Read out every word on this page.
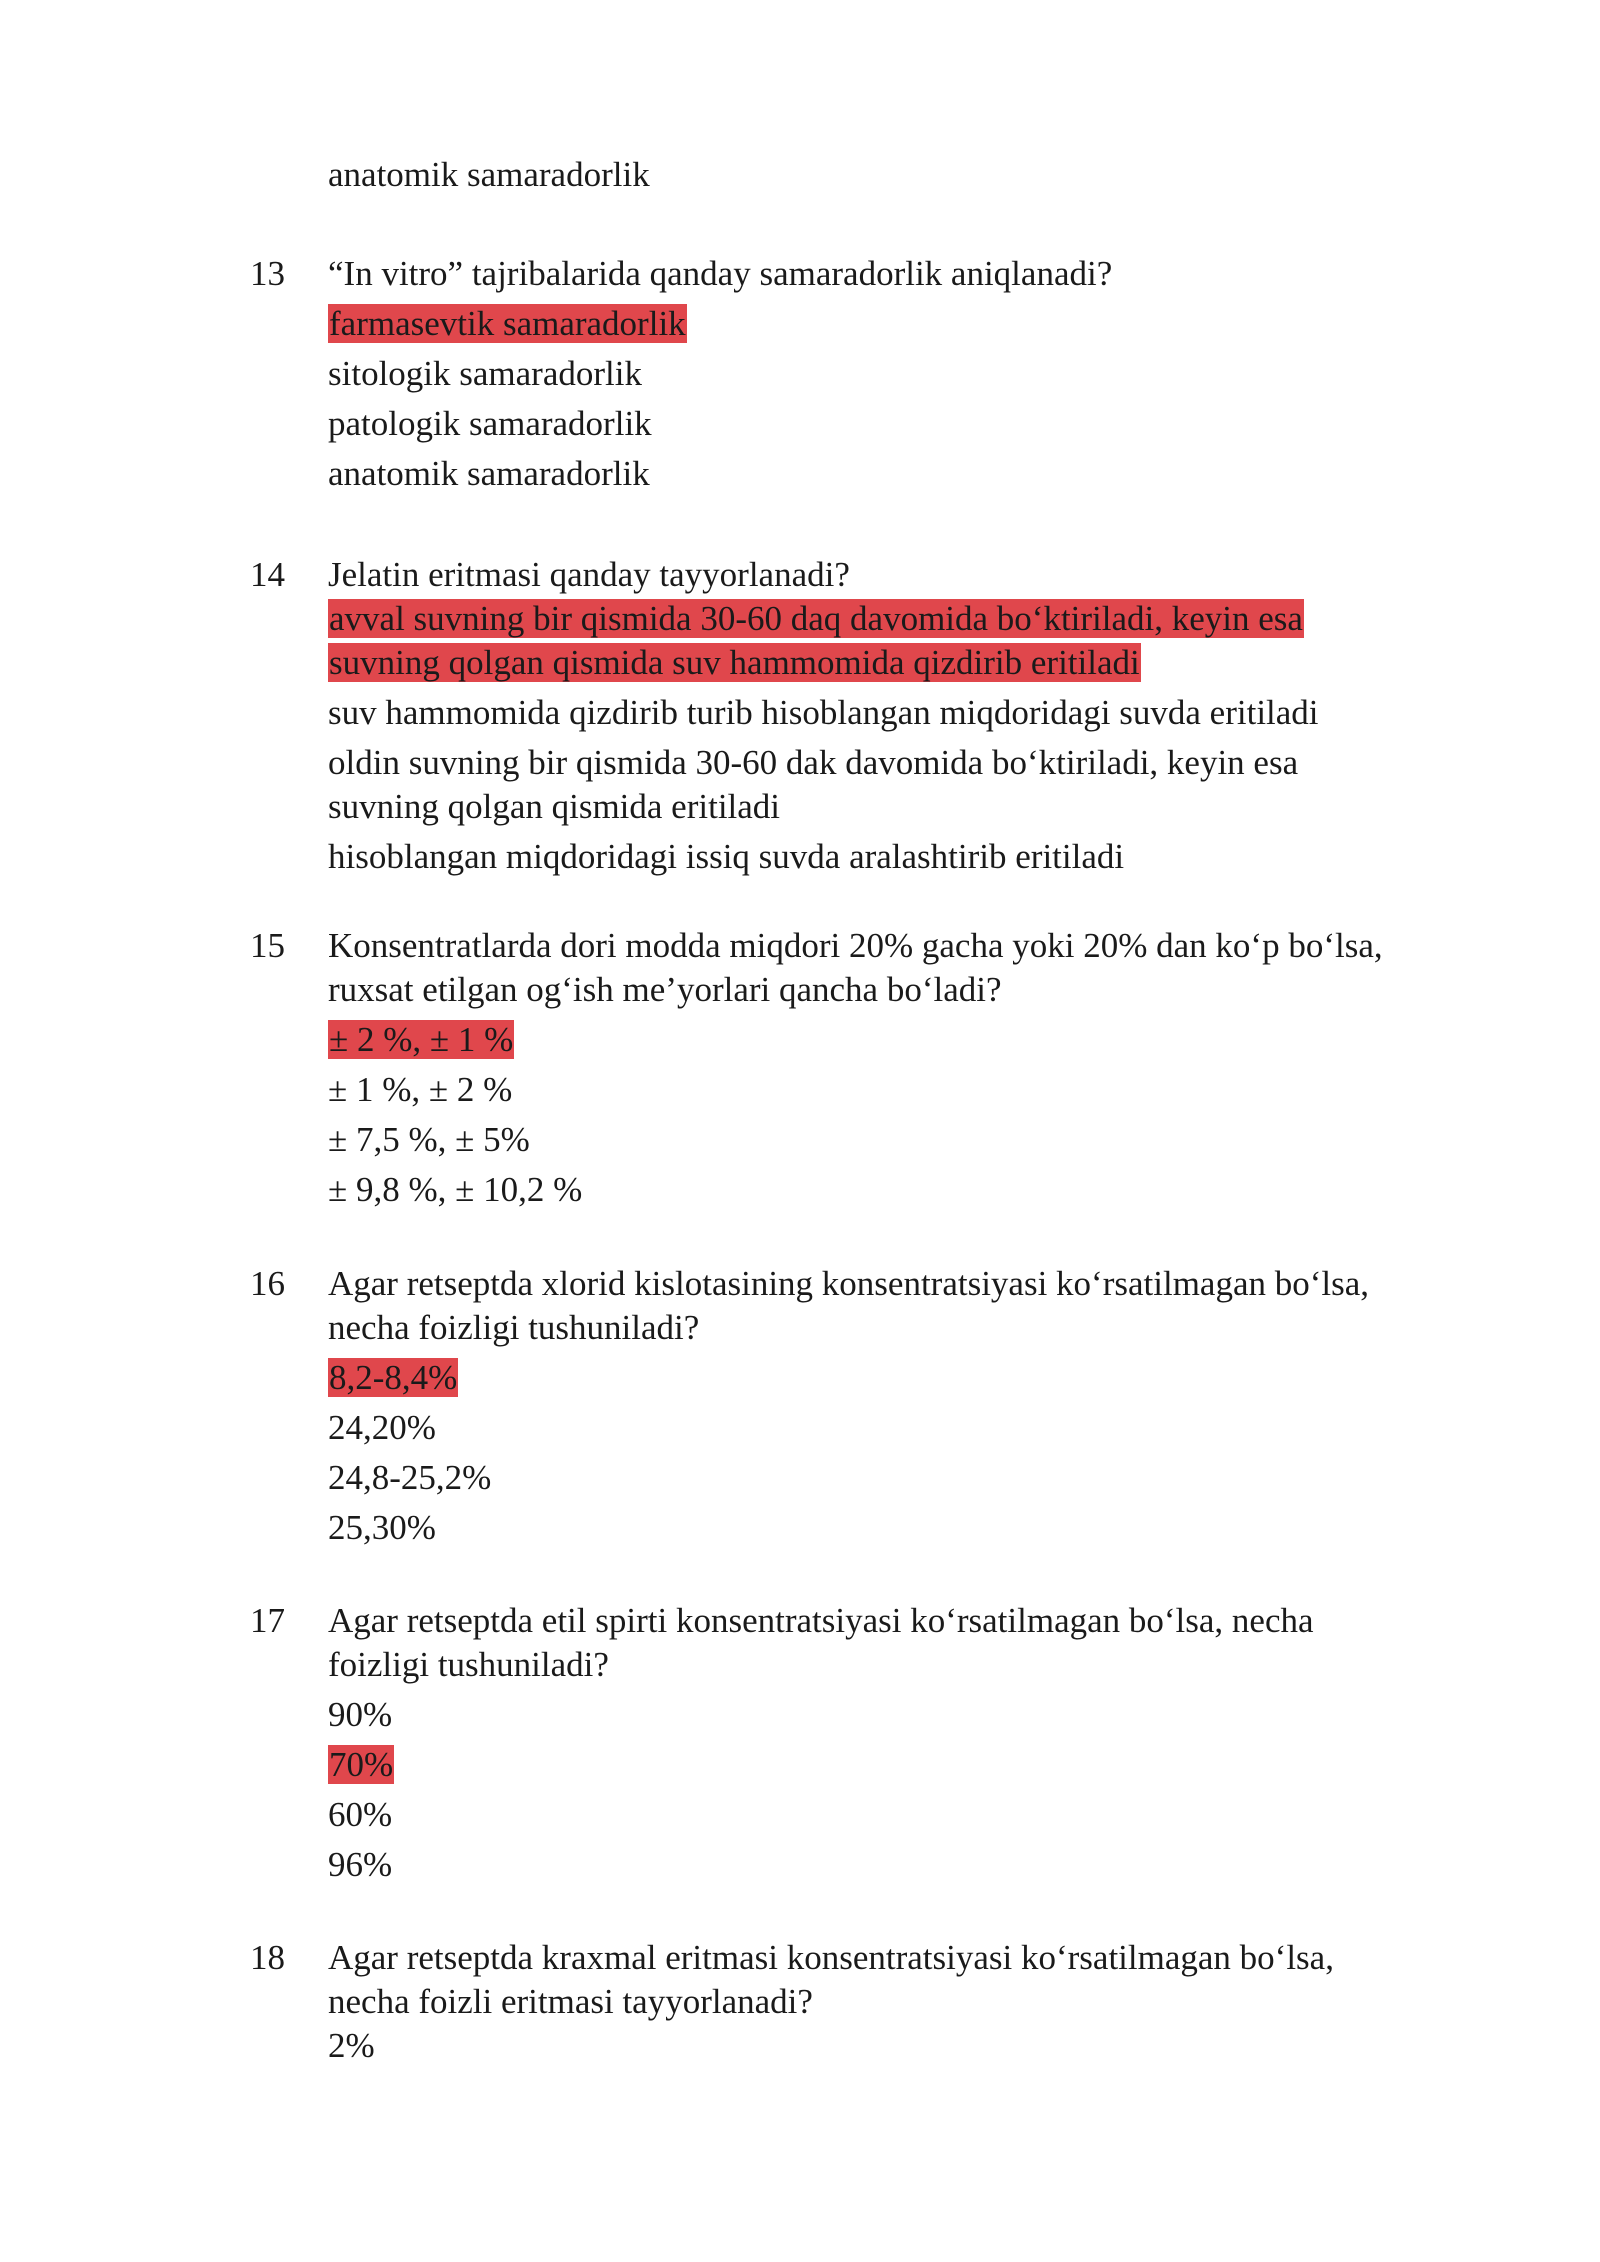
anatomik samaradorlik
13 “In vitro” tajribalarida qanday samaradorlik aniqlanadi?

farmasevtik samaradorlik
sitologik samaradorlik
patologik samaradorlik
anatomik samaradorlik
14 Jelatin eritmasi qanday tayyorlanadi?

avval suvning bir qismida 30-60 daq davomida bo‘ktiriladi, keyin esa suvning qolgan qismida suv hammomida qizdirib eritiladi
suv hammomida qizdirib turib hisoblangan miqdoridagi suvda eritiladi
oldin suvning bir qismida 30-60 dak davomida bo‘ktiriladi, keyin esa suvning qolgan qismida eritiladi
hisoblangan miqdoridagi issiq suvda aralashtirib eritiladi
15 Konsentratlarda dori modda miqdori 20% gacha yoki 20% dan ko‘p bo‘lsa, ruxsat etilgan og‘ish me’yorlari qancha bo‘ladi?

± 2 %, ± 1 %
± 1 %, ± 2 %
± 7,5 %, ± 5%
± 9,8 %, ± 10,2 %
16 Agar retseptda xlorid kislotasining konsentratsiyasi ko‘rsatilmagan bo‘lsa, necha foizligi tushuniladi?

8,2-8,4%
24,20%
24,8-25,2%
25,30%
17 Agar retseptda etil spirti konsentratsiyasi ko‘rsatilmagan bo‘lsa, necha foizligi tushuniladi?

90%
70%
60%
96%
18 Agar retseptda kraxmal eritmasi konsentratsiyasi ko‘rsatilmagan bo‘lsa, necha foizli eritmasi tayyorlanadi?

2%
